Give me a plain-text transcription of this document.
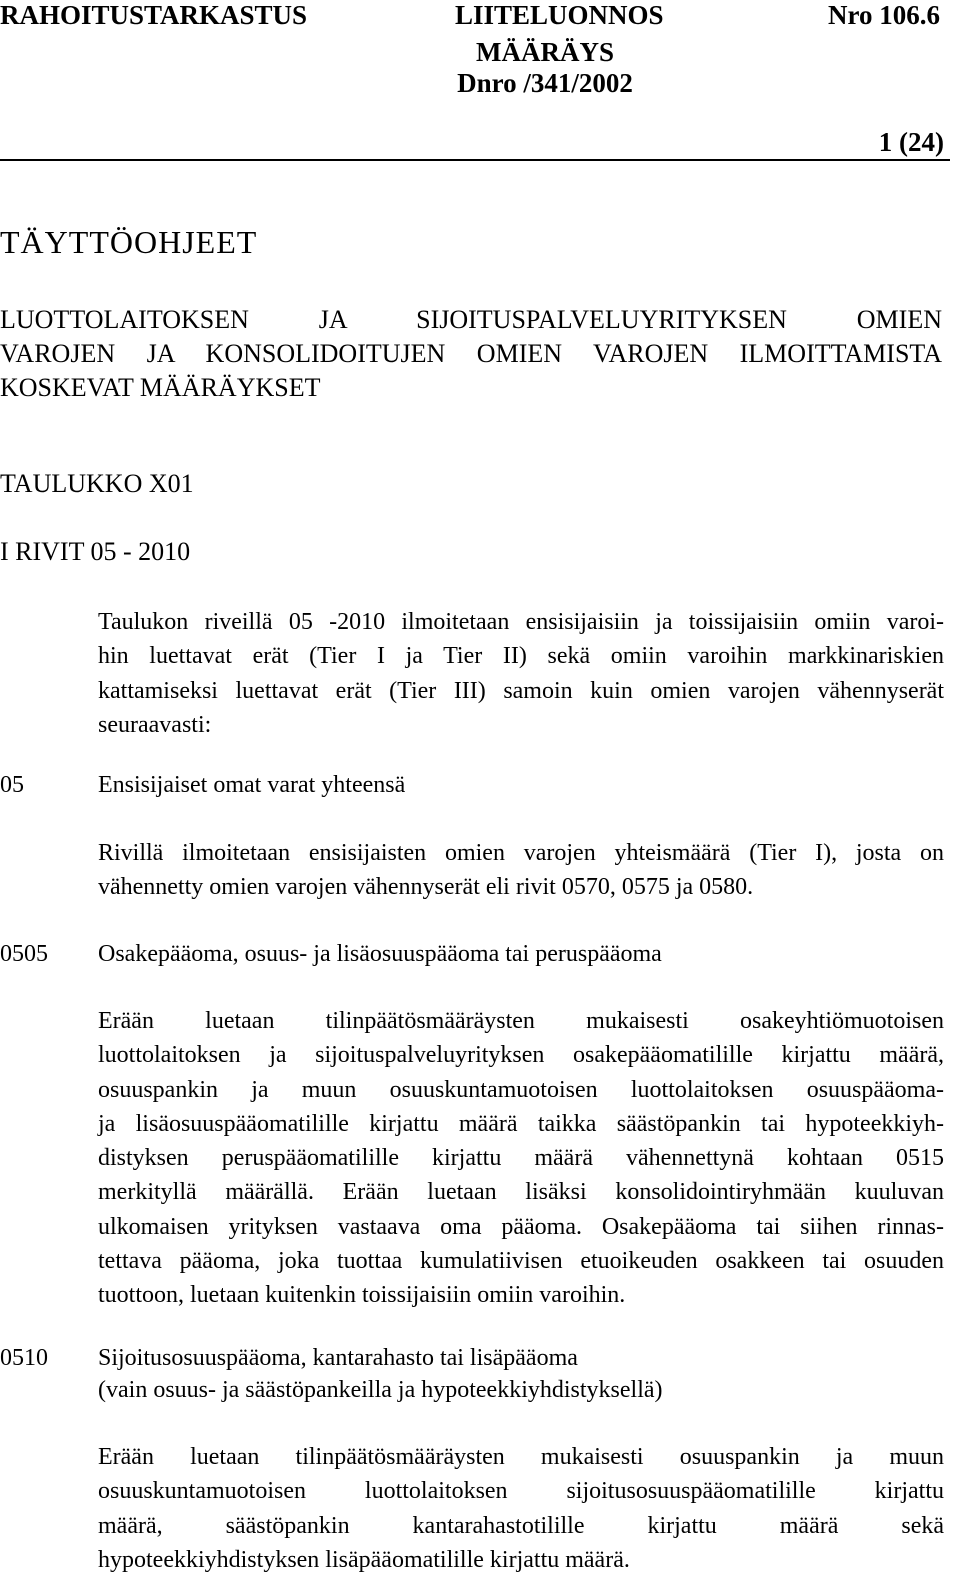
RAHOITUSTARKASTUS	LIITELUONNOS	Nro 106.6
MÄÄRÄYS
Dnro /341/2002
1 (24)
TÄYTTÖOHJEET
LUOTTOLAITOKSEN JA SIJOITUSPALVELUYRITYKSEN OMIEN
VAROJEN JA KONSOLIDOITUJEN OMIEN VAROJEN ILMOITTAMISTA
KOSKEVAT MÄÄRÄYKSET
TAULUKKO X01
I RIVIT 05 - 2010
Taulukon riveillä 05 -2010 ilmoitetaan ensisijaisiin ja toissijaisiin omiin varoi-
hin luettavat erät (Tier I ja Tier II) sekä omiin varoihin markkinariskien
kattamiseksi luettavat erät (Tier III) samoin kuin omien varojen vähennyserät
seuraavasti:
05	Ensisijaiset omat varat yhteensä
Rivillä ilmoitetaan ensisijaisten omien varojen yhteismäärä (Tier I), josta on
vähennetty omien varojen vähennyserät eli rivit 0570, 0575 ja 0580.
0505 Osakepääoma, osuus- ja lisäosuuspääoma tai peruspääoma
Erään luetaan tilinpäätösmääräysten mukaisesti osakeyhtiömuotoisen
luottolaitoksen ja sijoituspalveluyrityksen osakepääomatilille kirjattu määrä,
osuuspankin ja muun osuuskuntamuotoisen luottolaitoksen osuuspääoma-
ja lisäosuuspääomatilille kirjattu määrä taikka säästöpankin tai hypoteekkiyh-
distyksen peruspääomatilille kirjattu määrä vähennettynä kohtaan 0515
merkityllä määrällä. Erään luetaan lisäksi konsolidointiryhmään kuuluvan
ulkomaisen yrityksen vastaava oma pääoma. Osakepääoma tai siihen rinnas-
tettava pääoma, joka tuottaa kumulatiivisen etuoikeuden osakkeen tai osuuden
tuottoon, luetaan kuitenkin toissijaisiin omiin varoihin.
0510 Sijoitusosuuspääoma, kantarahasto tai lisäpääoma
(vain osuus- ja säästöpankeilla ja hypoteekkiyhdistyksellä)
Erään luetaan tilinpäätösmääräysten mukaisesti osuuspankin ja muun
osuuskuntamuotoisen luottolaitoksen sijoitusosuuspääomatilille kirjattu
määrä, säästöpankin kantarahastotilille kirjattu määrä sekä
hypoteekkiyhdistyksen lisäpääomatilille kirjattu määrä.
